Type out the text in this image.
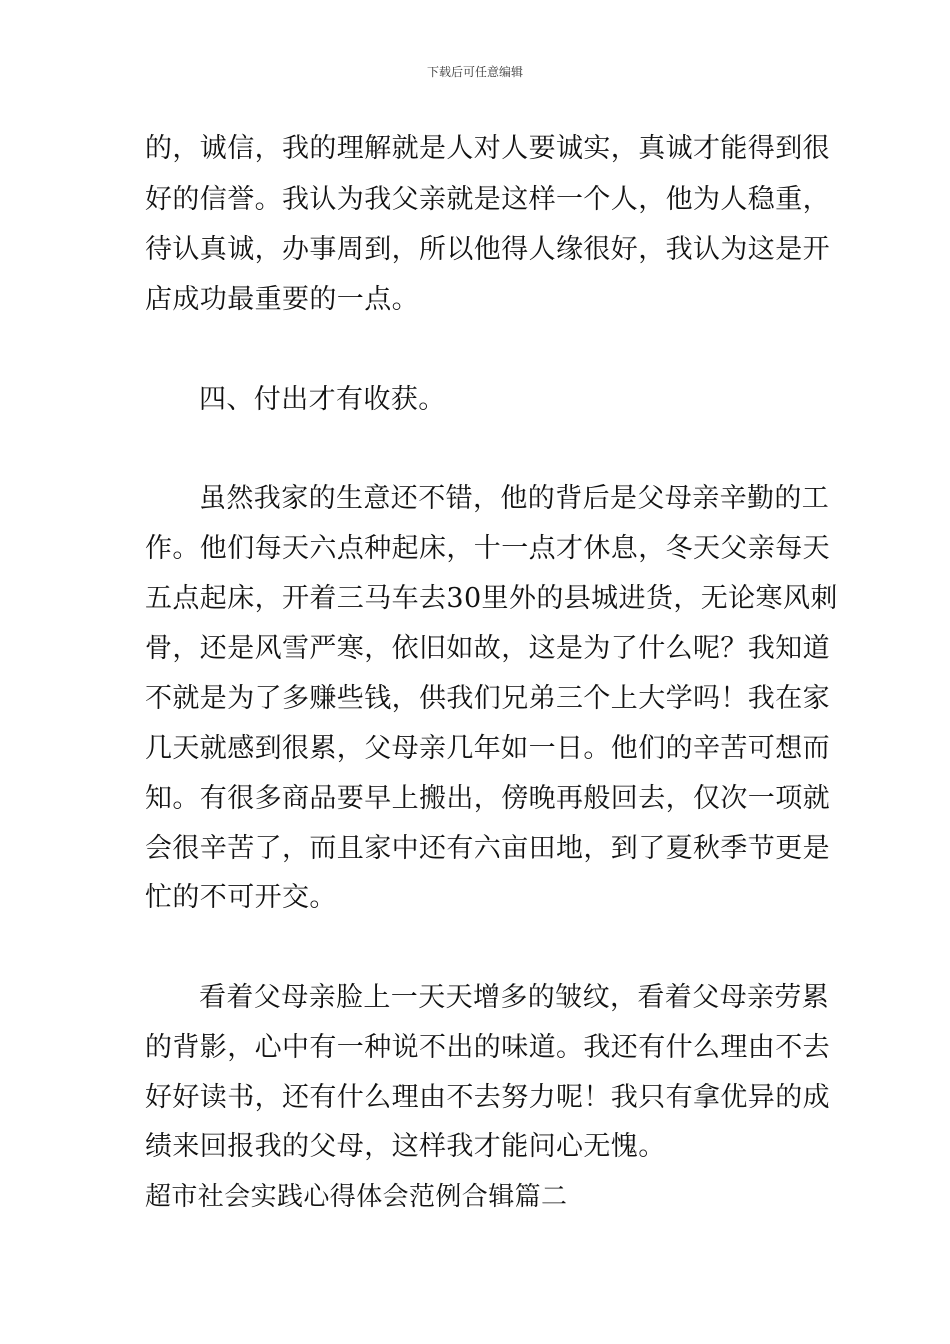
下载后可任意编辑
的，诚信，我的理解就是人对人要诚实，真诚才能得到很
好的信誉。我认为我父亲就是这样一个人，他为人稳重，
待认真诚，办事周到，所以他得人缘很好，我认为这是开
店成功最重要的一点。
四、付出才有收获。
虽然我家的生意还不错，他的背后是父母亲辛勤的工
作。他们每天六点种起床，十一点才休息，冬天父亲每天
五点起床，开着三马车去30里外的县城进货，无论寒风刺
骨，还是风雪严寒，依旧如故，这是为了什么呢？我知道
不就是为了多赚些钱，供我们兄弟三个上大学吗！我在家
几天就感到很累，父母亲几年如一日。他们的辛苦可想而
知。有很多商品要早上搬出，傍晚再般回去，仅次一项就
会很辛苦了，而且家中还有六亩田地，到了夏秋季节更是
忙的不可开交。
看着父母亲脸上一天天增多的皱纹，看着父母亲劳累
的背影，心中有一种说不出的味道。我还有什么理由不去
好好读书，还有什么理由不去努力呢！我只有拿优异的成
绩来回报我的父母，这样我才能问心无愧。
超市社会实践心得体会范例合辑篇二
